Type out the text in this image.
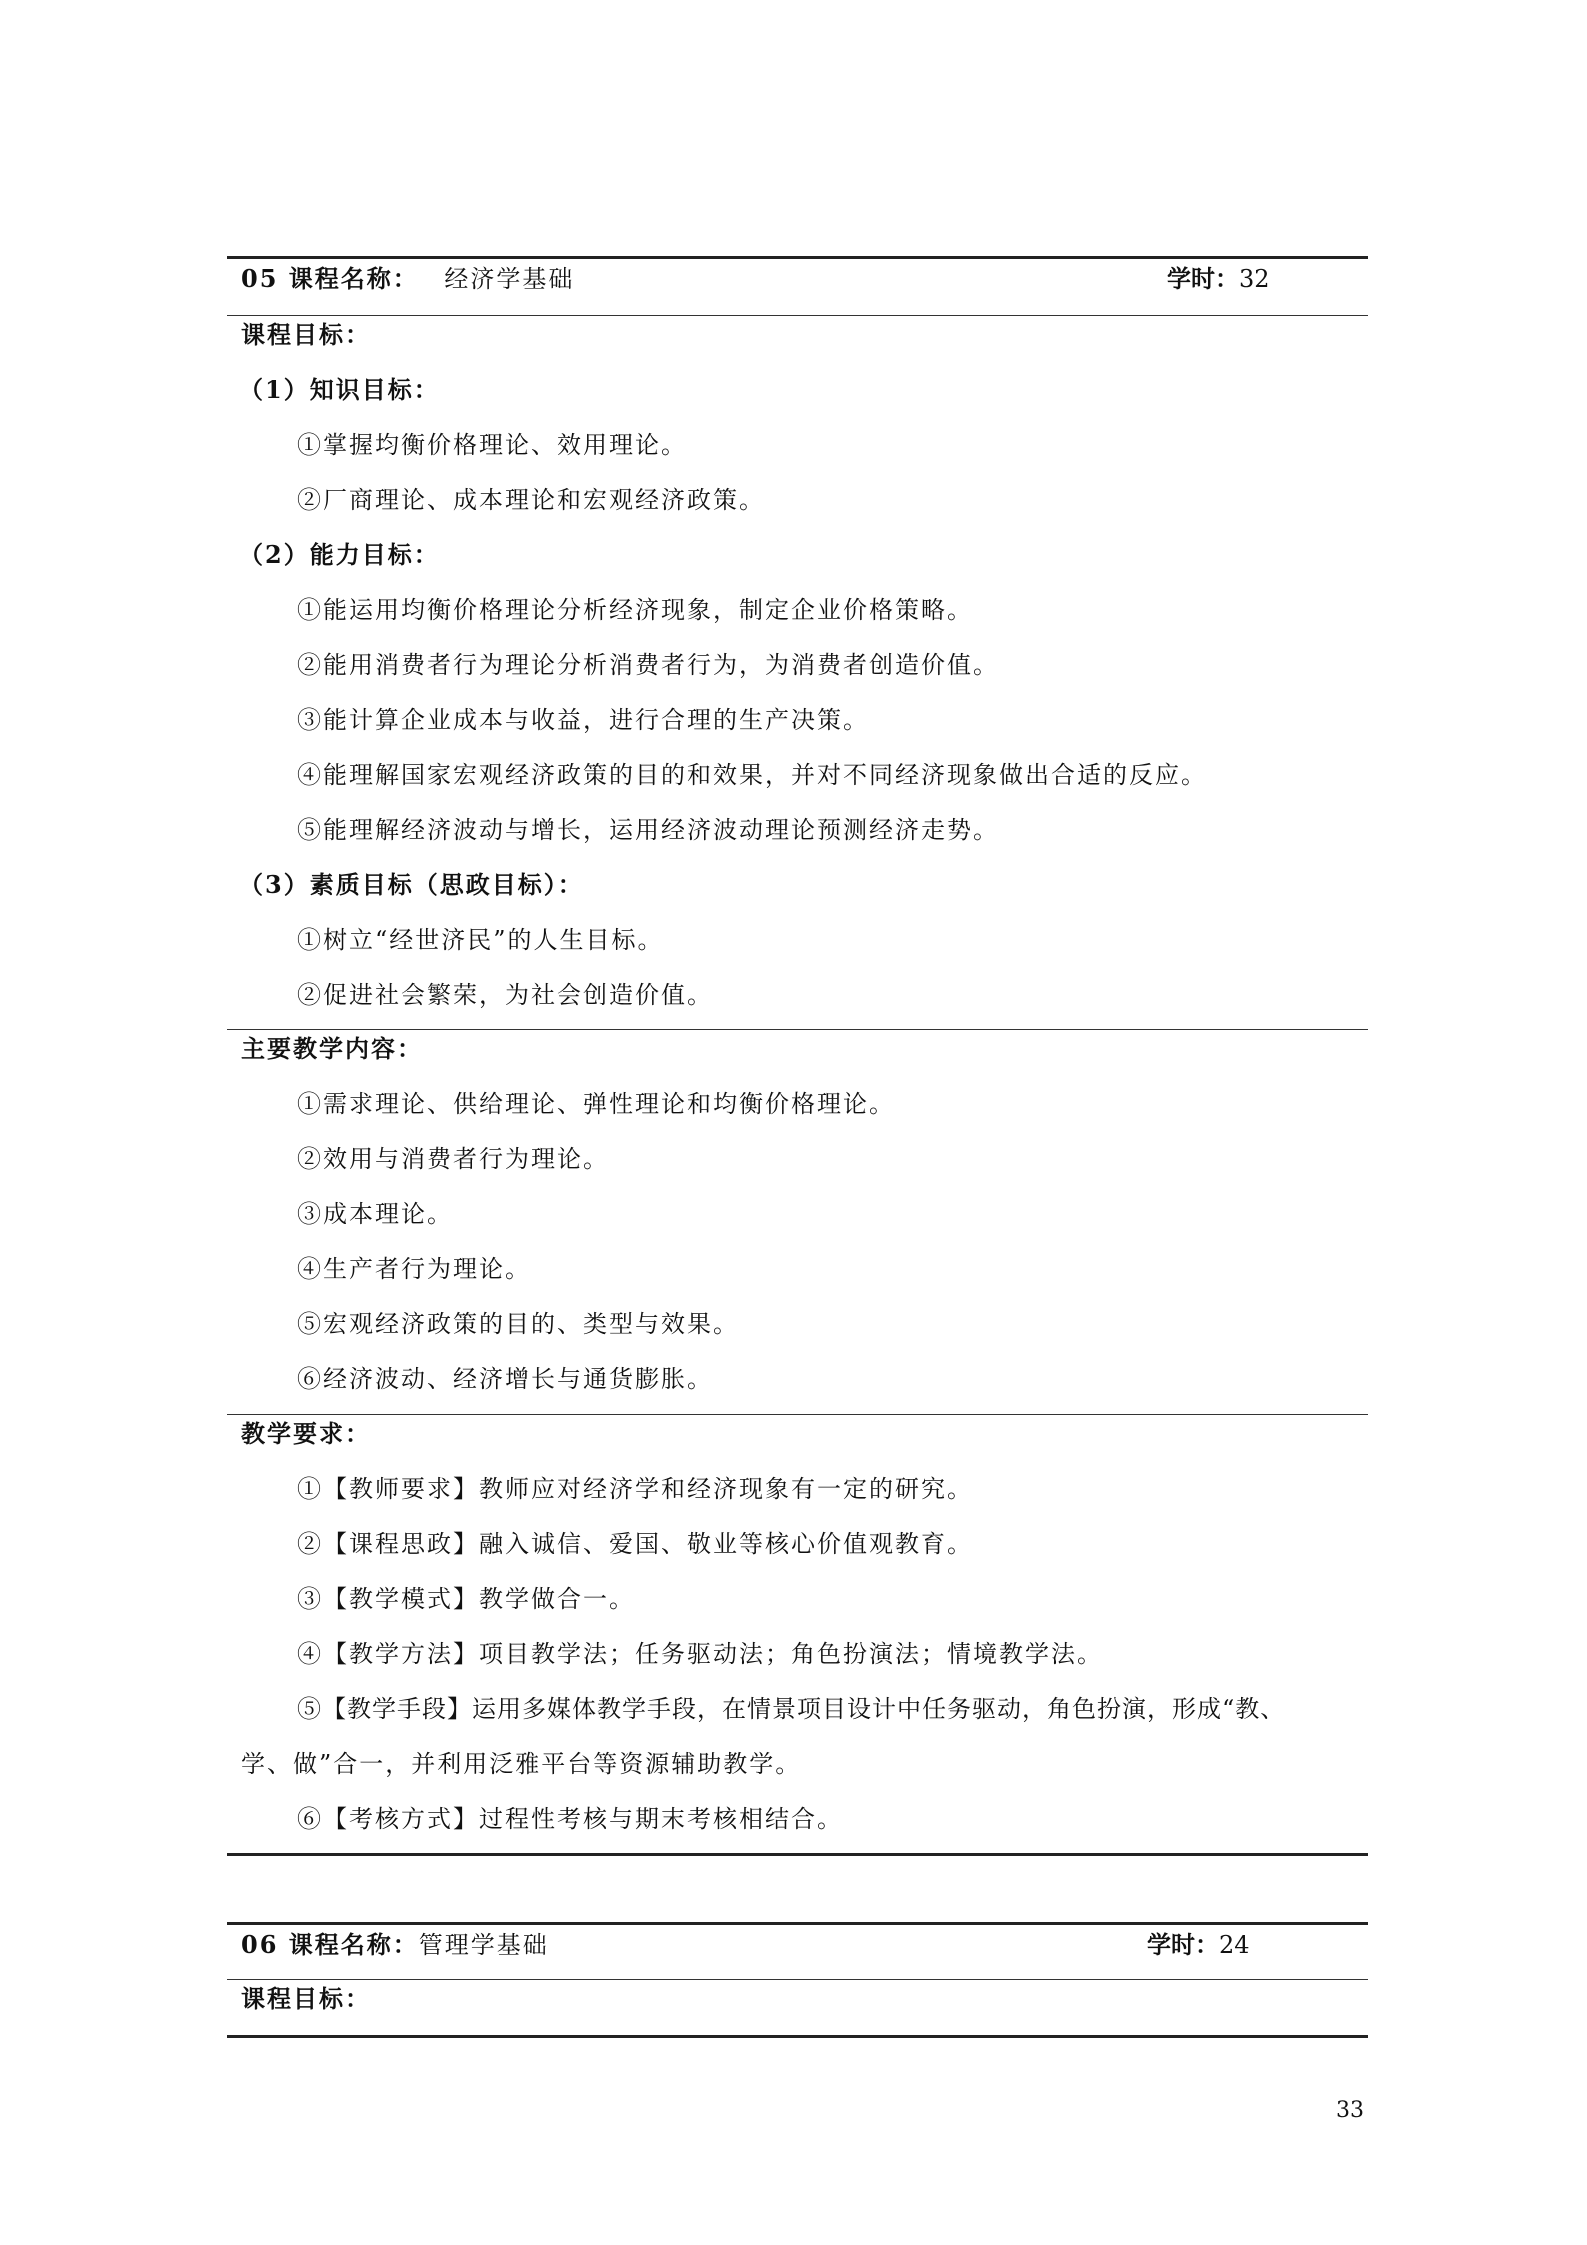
05 课程名称： 经济学基础	学时：32
课程目标：
（1）知识目标：
①掌握均衡价格理论、效用理论。
②厂商理论、成本理论和宏观经济政策。
（2）能力目标：
①能运用均衡价格理论分析经济现象，制定企业价格策略。
②能用消费者行为理论分析消费者行为，为消费者创造价值。
③能计算企业成本与收益，进行合理的生产决策。
④能理解国家宏观经济政策的目的和效果，并对不同经济现象做出合适的反应。
⑤能理解经济波动与增长，运用经济波动理论预测经济走势。
（3）素质目标（思政目标）：
①树立“经世济民”的人生目标。
②促进社会繁荣，为社会创造价值。
主要教学内容：
①需求理论、供给理论、弹性理论和均衡价格理论。
②效用与消费者行为理论。
③成本理论。
④生产者行为理论。
⑤宏观经济政策的目的、类型与效果。
⑥经济波动、经济增长与通货膨胀。
教学要求：
①【教师要求】教师应对经济学和经济现象有一定的研究。
②【课程思政】融入诚信、爱国、敬业等核心价值观教育。
③【教学模式】教学做合一。
④【教学方法】项目教学法；任务驱动法；角色扮演法；情境教学法。
⑤【教学手段】运用多媒体教学手段，在情景项目设计中任务驱动，角色扮演，形成“教、
学、做”合一，并利用泛雅平台等资源辅助教学。
⑥【考核方式】过程性考核与期末考核相结合。
06 课程名称：管理学基础	学时：24
课程目标：
33
